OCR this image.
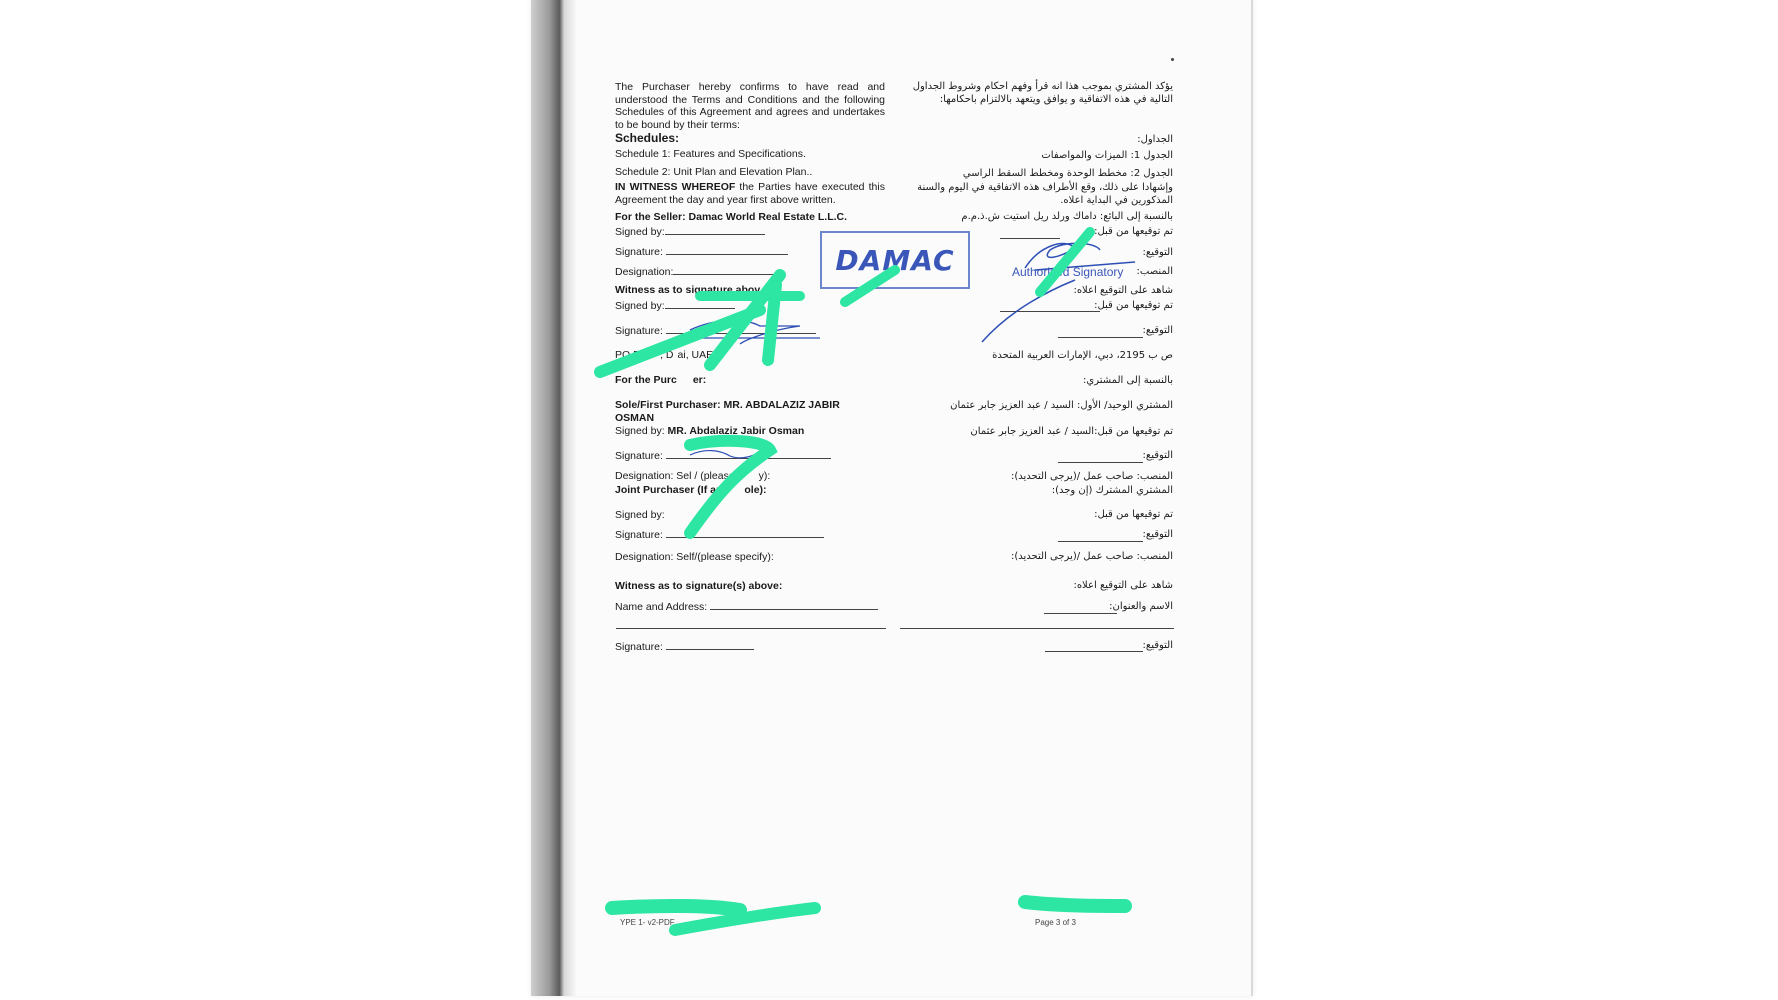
The Purchaser hereby confirms to have read and understood the Terms and Conditions and the following Schedules of this Agreement and agrees and undertakes to be bound by their terms:
Schedules:
Schedule 1: Features and Specifications.
Schedule 2: Unit Plan and Elevation Plan..
IN WITNESS WHEREOF the Parties have executed this Agreement the day and year first above written.
For the Seller: Damac World Real Estate L.L.C.
Signed by:
Signature:
Designation:
Witness as to signature abov
Signed by:
Signature:
PO B , D ai, UAE
For the Purc er:
Sole/First Purchaser: MR. ABDALAZIZ JABIR OSMAN
Signed by: MR. Abdalaziz Jabir Osman
Signature:
Designation: Sel / (please y):
Joint Purchaser (If ap ole):
Signed by:
Signature:
Designation: Self/(please specify):
Witness as to signature(s) above:
Name and Address:
Signature:
يؤكد المشتري بموجب هذا انه قرأ وفهم احكام وشروط الجداول التالية في هذه الاتفاقية و يوافق ويتعهد بالالتزام باحكامها:
الجداول:
الجدول 1: الميزات والمواصفات
الجدول 2: مخطط الوحدة ومخطط السقط الراسي
وإشهادا على ذلك، وقع الأطراف هذه الاتفاقية في اليوم والسنة المذكورين في البداية اعلاه.
بالنسبة إلى البائع: داماك ورلد ريل استيت ش.ذ.م.م
تم توقيعها من قبل:
التوقيع:
المنصب:
شاهد على التوقيع اعلاه:
تم توقيعها من قبل:
التوقيع:
ص ب 2195، دبي، الإمارات العربية المتحدة
بالنسبة إلى المشتري:
المشتري الوحيد/ الأول: السيد / عبد العزيز جابر عثمان
تم توقيعها من قبل:السيد / عبد العزيز جابر عثمان
التوقيع:
المنصب: صاحب عمل /(يرجى التحديد):
المشتري المشترك (إن وجد):
تم توقيعها من قبل:
التوقيع:
المنصب: صاحب عمل /(يرجى التحديد):
شاهد على التوقيع اعلاه:
الاسم والعنوان:
التوقيع:
DAMAC	Authorised Signatory
YPE 1- v2-PDF	Page 3 of 3
